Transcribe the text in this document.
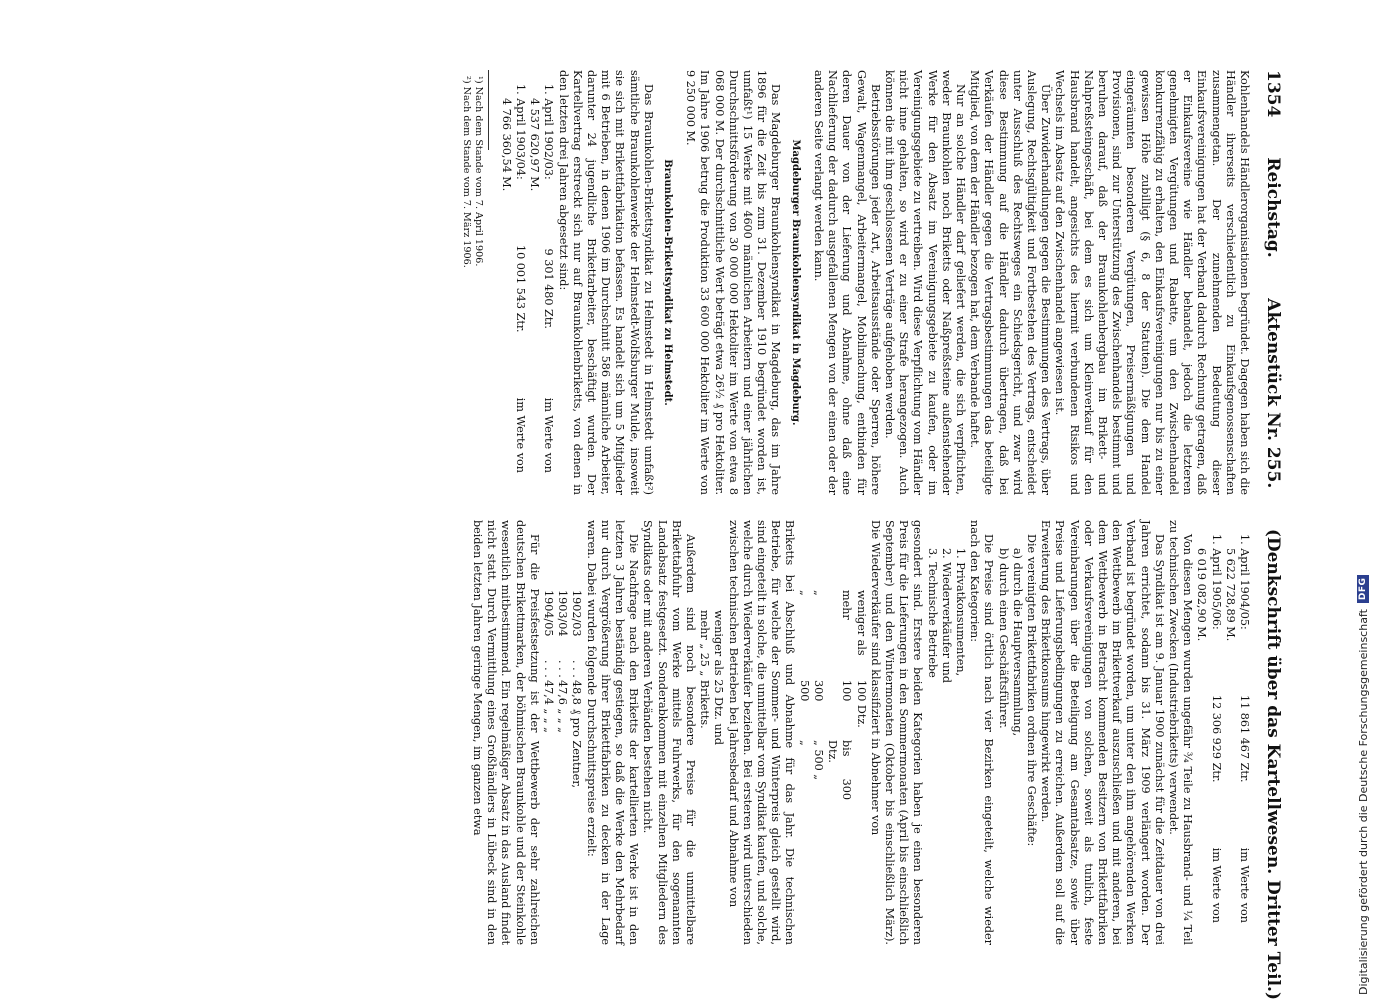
1354
Reichstag.
Aktenstück Nr. 255.
(Denkschrift über das Kartellwesen. Dritter Teil.)

Kohlenhandels Händlerorganisationen begründet. Dagegen haben sich die Händler ihrerseits verschiedentlich zu Einkaufsgenossenschaften zusammengetan. Der zunehmenden Bedeutung dieser Einkaufsvereinigungen hat der Verband dadurch Rechnung getragen, daß er Einkaufsvereine wie Händler behandelt, jedoch die letzteren genehmigten Vergütungen und Rabatte, um den Zwischenhandel konkurrenzfähig zu erhalten, den Einkaufsvereinigungen nur bis zu einer gewissen Höhe zubilligt (§ 6, 8 der Statuten). Die dem Handel eingeräumten besonderen Vergütungen, Preisermäßigungen und Provisionen, sind zur Unterstützung des Zwischenhandels bestimmt und beruhen darauf, daß der Braunkohlenbergbau im Brikett- und Nahpreßsteingeschäft, bei dem es sich um Kleinverkauf für den Hausbrand handelt, angesichts des hiermit verbundenen Risikos und Wechsels im Absatz auf den Zwischenhandel angewiesen ist.

Über Zuwiderhandlungen gegen die Bestimmungen des Vertrags, über Auslegung, Rechtsgültigkeit und Fortbestehen des Vertrags, entscheidet unter Ausschluß des Rechtsweges ein Schiedsgericht, und zwar wird diese Bestimmung auf die Händler dadurch übertragen, daß bei Verkäufen der Händler gegen die Vertragsbestimmungen das beteiligte Mitglied, von dem der Händler bezogen hat, dem Verbande haftet.

Nur an solche Händler darf geliefert werden, die sich verpflichten, weder Braunkohlen noch Briketts oder Naßpreßsteine außenstehender Werke für den Absatz im Vereinigungsgebiete zu kaufen, oder im Vereinigungsgebiete zu vertreiben. Wird diese Verpflichtung vom Händler nicht inne gehalten, so wird er zu einer Strafe herangezogen. Auch können die mit ihm geschlossenen Verträge aufgehoben werden.

Betriebsstörungen jeder Art, Arbeitsausstände oder Sperren, höhere Gewalt, Wagenmangel, Arbeitermangel, Mobilmachung, entbinden für deren Dauer von der Lieferung und Abnahme, ohne daß eine Nachlieferung der dadurch ausgefallenen Mengen von der einen oder der anderen Seite verlangt werden kann.

Magdeburger Braunkohlensyndikat in Magdeburg.

Das Magdeburger Braunkohlensyndikat in Magdeburg, das im Jahre 1896 für die Zeit bis zum 31. Dezember 1910 begründet worden ist, umfaßt¹) 15 Werke mit 4600 männlichen Arbeitern und einer jährlichen Durchschnittsförderung von 30 000 000 Hektoliter im Werte von etwa 8 068 000 M. Der durchschnittliche Wert beträgt etwa 26½ ₰ pro Hektoliter. Im Jahre 1906 betrug die Produktion 33 600 000 Hektoliter im Werte von 9 250 000 M.

Braunkohlen-Brikettsyndikat zu Helmstedt.

Das Braunkohlen-Brikettsyndikat zu Helmstedt in Helmstedt umfaßt²) sämtliche Braunkohlenwerke der Helmstedt-Wolfsburger Mulde, insoweit sie sich mit Brikettfabrikation befassen. Es handelt sich um 5 Mitglieder mit 6 Betrieben, in denen 1906 im Durchschnitt 586 männliche Arbeiter, darunter 24 jugendliche Brikettarbeiter, beschäftigt wurden. Der Kartellvertrag erstreckt sich nur auf Braunkohlenbriketts, von denen in den letzten drei Jahren abgesetzt sind:

1. April 1902/03:
9 301 480 Ztr.
im Werte von
4 537 620,97 M.
1. April 1903/04:
10 001 543 Ztr.
im Werte von
4 766 360,54 M.
¹) Nach dem Stande vom 7. April 1906.
²) Nach dem Stande vom 7. März 1906.
1. April 1904/05:
11 861 467 Ztr.
im Werte von
5 622 728,89 M.
1. April 1905/06:
12 306 929 Ztr.
im Werte von
6 019 082,90 M.

Von diesen Mengen wurden ungefähr ¾ Teile zu Hausbrand- und ¼ Teil zu technischen Zwecken (Industriebriketts) verwendet.

Das Syndikat ist am 9. Januar 1900 zunächst für die Zeitdauer von drei Jahren errichtet, sodann bis 31. März 1909 verlängert worden. Der Verband ist begründet worden, um unter den ihm angehörenden Werken den Wettbewerb im Brikettverkauf auszuschließen und mit anderen, bei dem Wettbewerb in Betracht kommenden Besitzern von Brikettfabriken oder Verkaufsvereinigungen von solchen, soweit als tunlich, feste Vereinbarungen über die Beteiligung am Gesamtabsatze, sowie über Preise und Lieferungsbedingungen zu erreichen. Außerdem soll auf die Erweiterung des Brikettkonsums hingewirkt werden.

Die vereinigten Brikettfabriken ordnen ihre Geschäfte:

a) durch die Hauptversammlung,
b) durch einen Geschäftsführer.

Die Preise sind örtlich nach vier Bezirken eingeteilt, welche wieder nach den Kategorien:

1. Privatkonsumenten,
2. Wiederverkäufer und
3. Technische Betriebe

gesondert sind. Erstere beiden Kategorien haben je einen besonderen Preis für die Lieferungen in den Sommermonaten (April bis einschließlich September) und den Wintermonaten (Oktober bis einschließlich März). Die Wiederverkäufer sind klassifiziert in Abnehmer von

weniger als
100 Dtz.
mehr
100
bis 300 Dtz.
„
300
„ 500 „
„
500
„

Briketts bei Abschluß und Abnahme für das Jahr. Die technischen Betriebe, für welche der Sommer- und Winterpreis gleich gestellt wird, sind eingeteilt in solche, die unmittelbar vom Syndikat kaufen, und solche, welche durch Wiederverkäufer beziehen. Bei ersteren wird unterschieden zwischen technischen Betrieben bei Jahresbedarf und Abnahme von

weniger als 25 Dtz. und
mehr „ 25 „ Briketts.

Außerdem sind noch besondere Preise für die unmittelbare Brikettabfuhr vom Werke mittels Fuhrwerks, für den sogenannten Landabsatz festgesetzt. Sonderabkommen mit einzelnen Mitgliedern des Syndikats oder mit anderen Verbänden bestehen nicht.

Die Nachfrage nach den Briketts der kartellierten Werke ist in den letzten 3 Jahren beständig gestiegen, so daß die Werke den Mehrbedarf nur durch Vergrößerung ihrer Brikettfabriken zu decken in der Lage waren. Dabei wurden folgende Durchschnittspreise erzielt:

1902/03
. . .
48,8 ₰ pro Zentner,
1903/04
. . .
47,6 „ „ „
1904/05
. . .
47,4 „ „ „

Für die Preisfestsetzung ist der Wettbewerb der sehr zahlreichen deutschen Brikettmarken, der böhmischen Braunkohle und der Steinkohle wesentlich mitbestimmend. Ein regelmäßiger Absatz in das Ausland findet nicht statt. Durch Vermittlung eines Großhändlers in Lübeck sind in den beiden letzten Jahren geringe Mengen, im ganzen etwa	Digitalisierung gefördert durch die Deutsche Forschungsgemeinschaft
DFG
